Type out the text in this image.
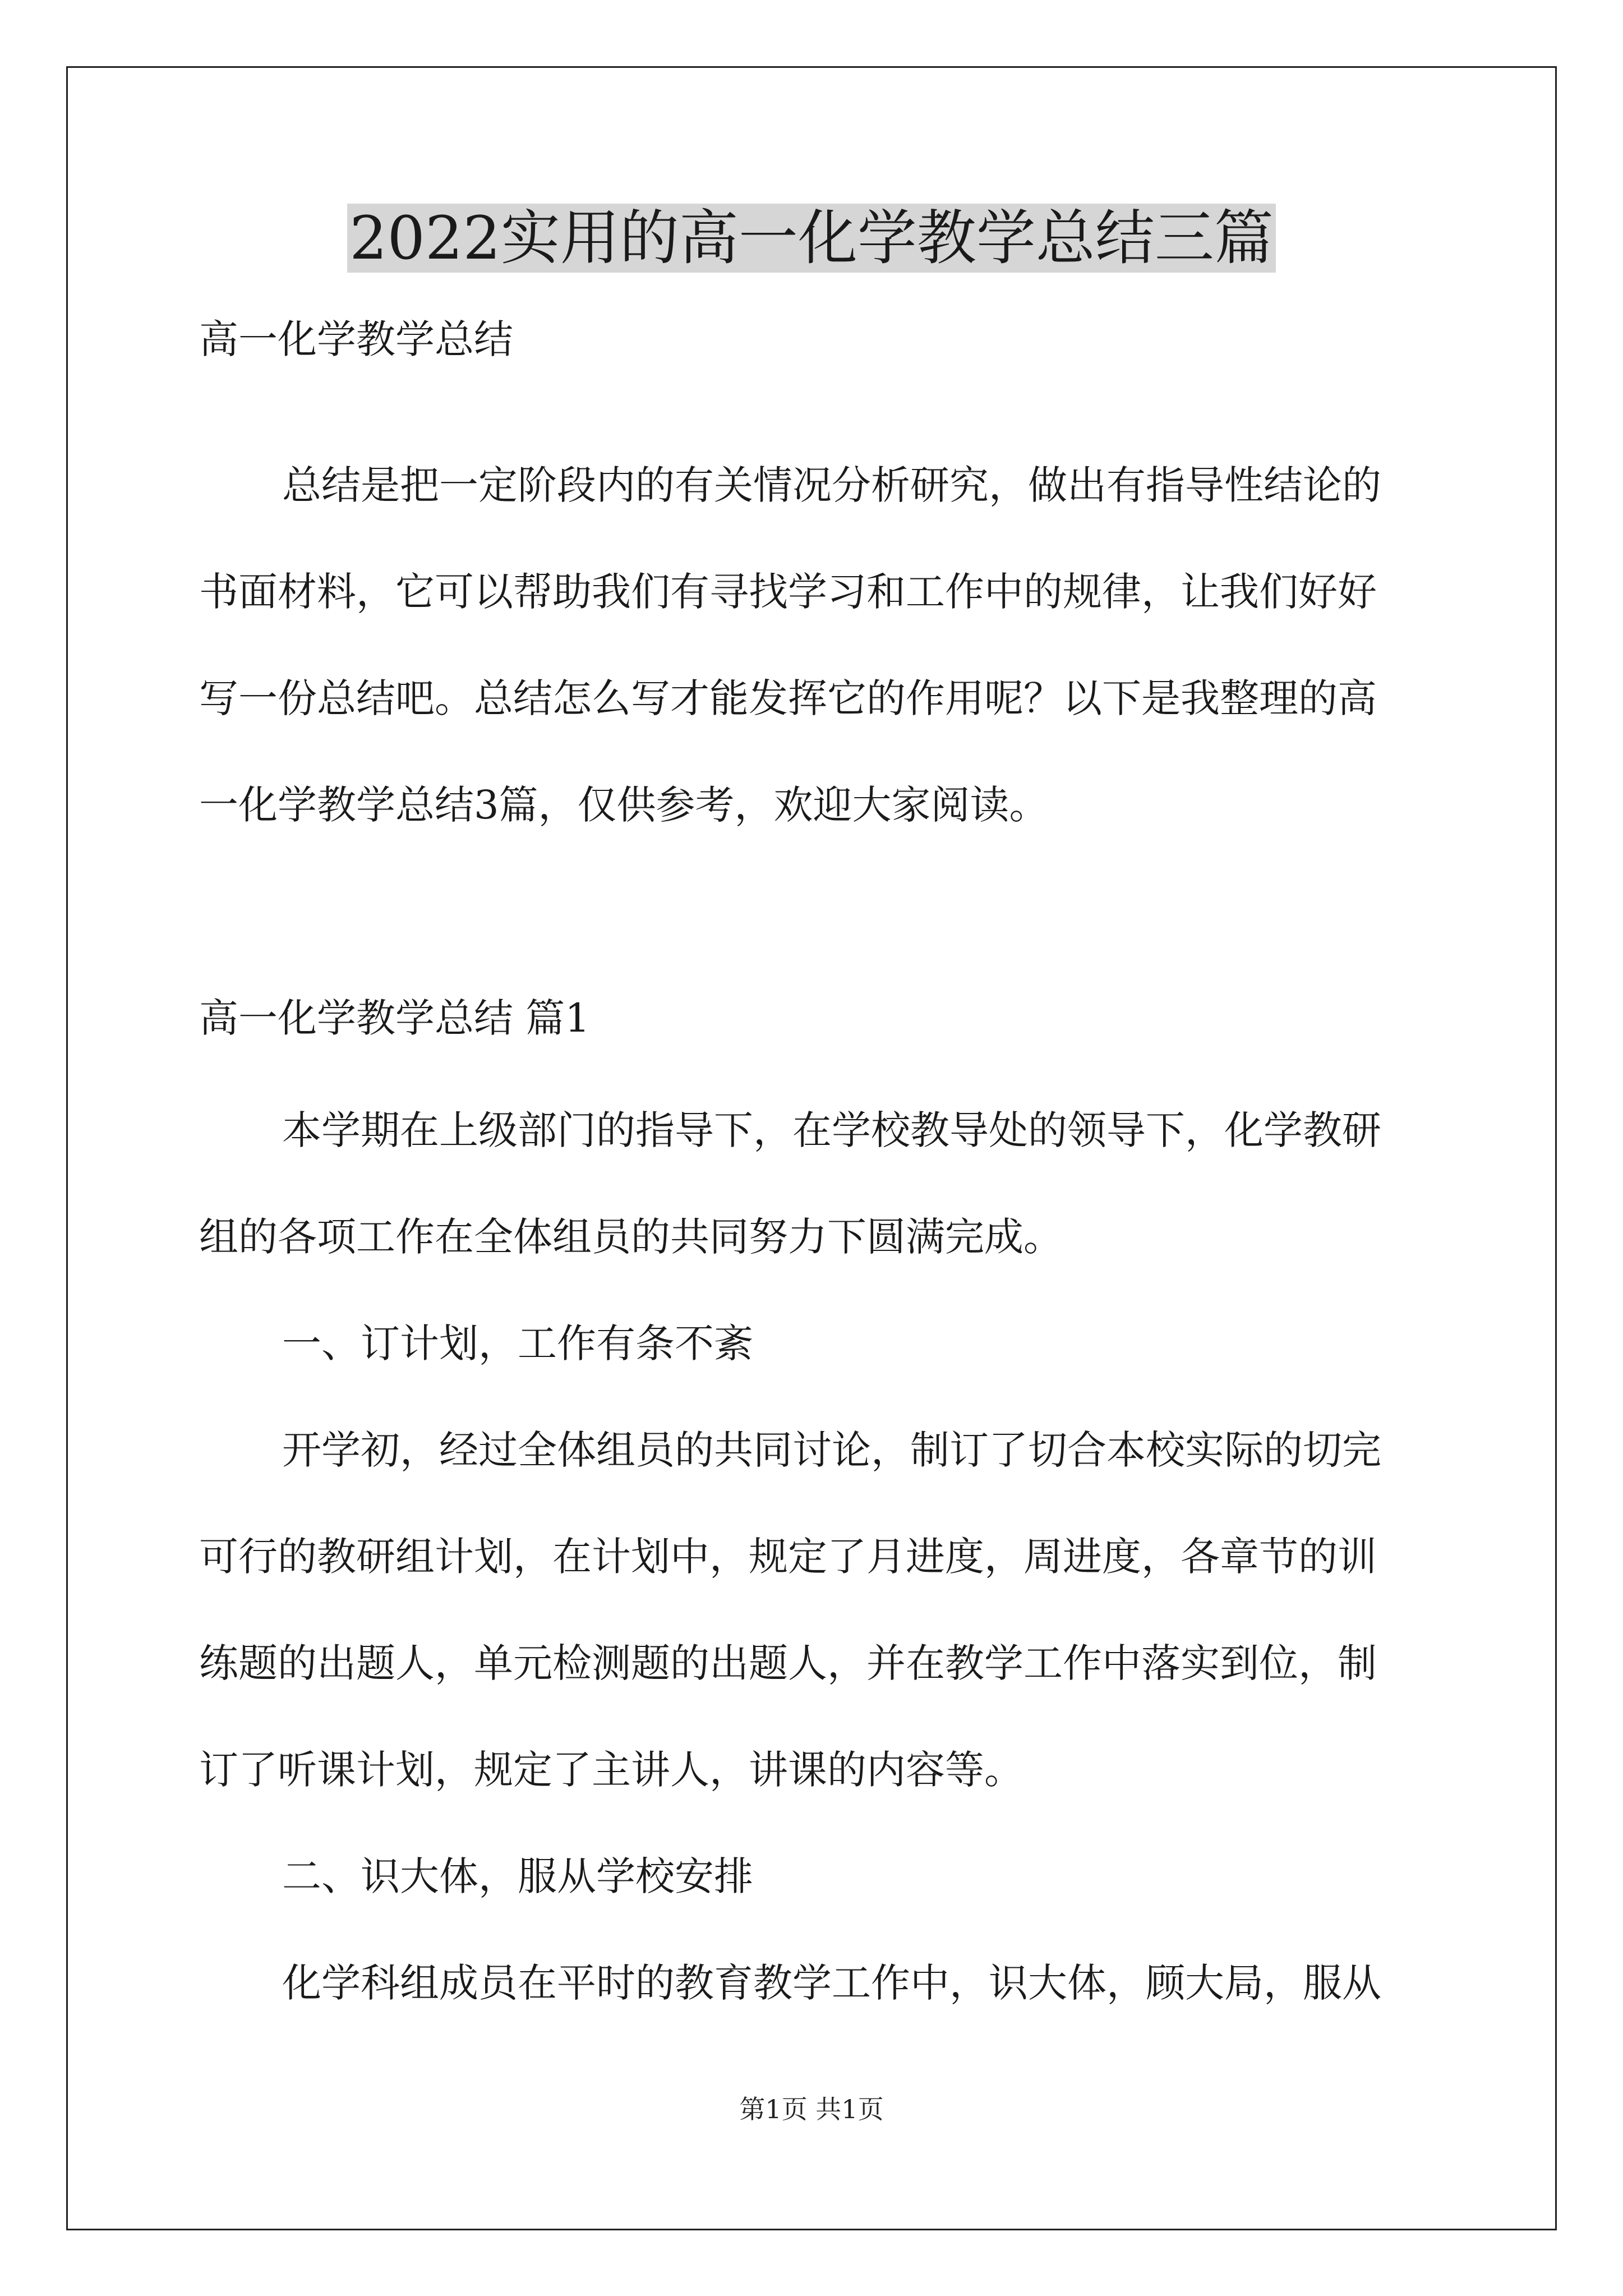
2022实用的高一化学教学总结三篇
高一化学教学总结
总结是把一定阶段内的有关情况分析研究，做出有指导性结论的
书面材料，它可以帮助我们有寻找学习和工作中的规律，让我们好好
写一份总结吧。总结怎么写才能发挥它的作用呢？以下是我整理的高
一化学教学总结3篇，仅供参考，欢迎大家阅读。
高一化学教学总结 篇1
本学期在上级部门的指导下，在学校教导处的领导下，化学教研
组的各项工作在全体组员的共同努力下圆满完成。
一、订计划，工作有条不紊
开学初，经过全体组员的共同讨论，制订了切合本校实际的切完
可行的教研组计划，在计划中，规定了月进度，周进度，各章节的训
练题的出题人，单元检测题的出题人，并在教学工作中落实到位，制
订了听课计划，规定了主讲人，讲课的内容等。
二、识大体，服从学校安排
化学科组成员在平时的教育教学工作中，识大体，顾大局，服从
第1页 共1页
